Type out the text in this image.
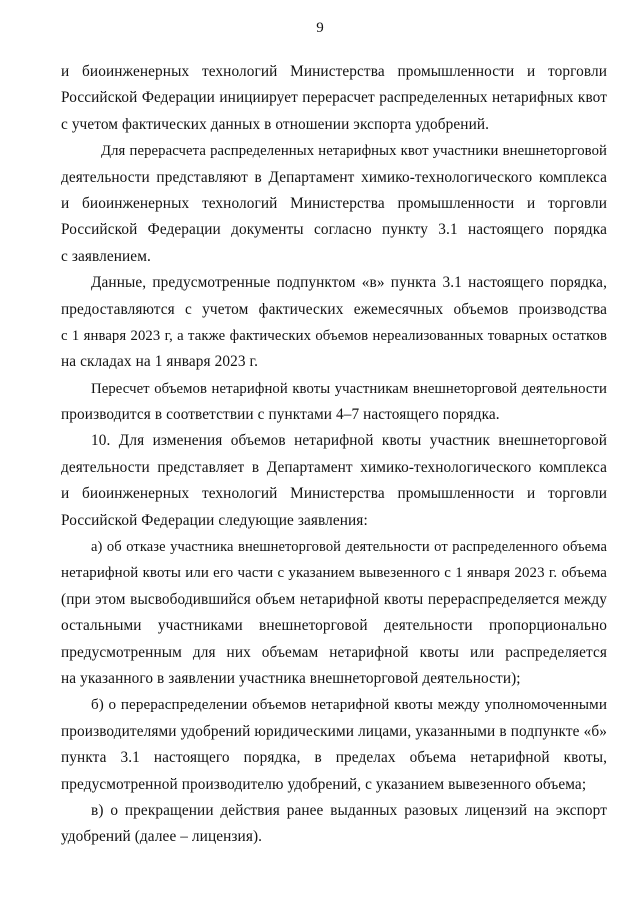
9
и биоинженерных технологий Министерства промышленности и торговли
Российской Федерации инициирует перерасчет распределенных нетарифных квот
с учетом фактических данных в отношении экспорта удобрений.
Для перерасчета распределенных нетарифных квот участники внешнеторговой
деятельности представляют в Департамент химико-технологического комплекса
и биоинженерных технологий Министерства промышленности и торговли
Российской Федерации документы согласно пункту 3.1 настоящего порядка
с заявлением.
Данные, предусмотренные подпунктом «в» пункта 3.1 настоящего порядка,
предоставляются с учетом фактических ежемесячных объемов производства
с 1 января 2023 г, а также фактических объемов нереализованных товарных остатков
на складах на 1 января 2023 г.
Пересчет объемов нетарифной квоты участникам внешнеторговой деятельности
производится в соответствии с пунктами 4–7 настоящего порядка.
10. Для изменения объемов нетарифной квоты участник внешнеторговой
деятельности представляет в Департамент химико-технологического комплекса
и биоинженерных технологий Министерства промышленности и торговли
Российской Федерации следующие заявления:
а) об отказе участника внешнеторговой деятельности от распределенного объема
нетарифной квоты или его части с указанием вывезенного с 1 января 2023 г. объема
(при этом высвободившийся объем нетарифной квоты перераспределяется между
остальными участниками внешнеторговой деятельности пропорционально
предусмотренным для них объемам нетарифной квоты или распределяется
на указанного в заявлении участника внешнеторговой деятельности);
б) о перераспределении объемов нетарифной квоты между уполномоченными
производителями удобрений юридическими лицами, указанными в подпункте «б»
пункта 3.1 настоящего порядка, в пределах объема нетарифной квоты,
предусмотренной производителю удобрений, с указанием вывезенного объема;
в) о прекращении действия ранее выданных разовых лицензий на экспорт
удобрений (далее – лицензия).
